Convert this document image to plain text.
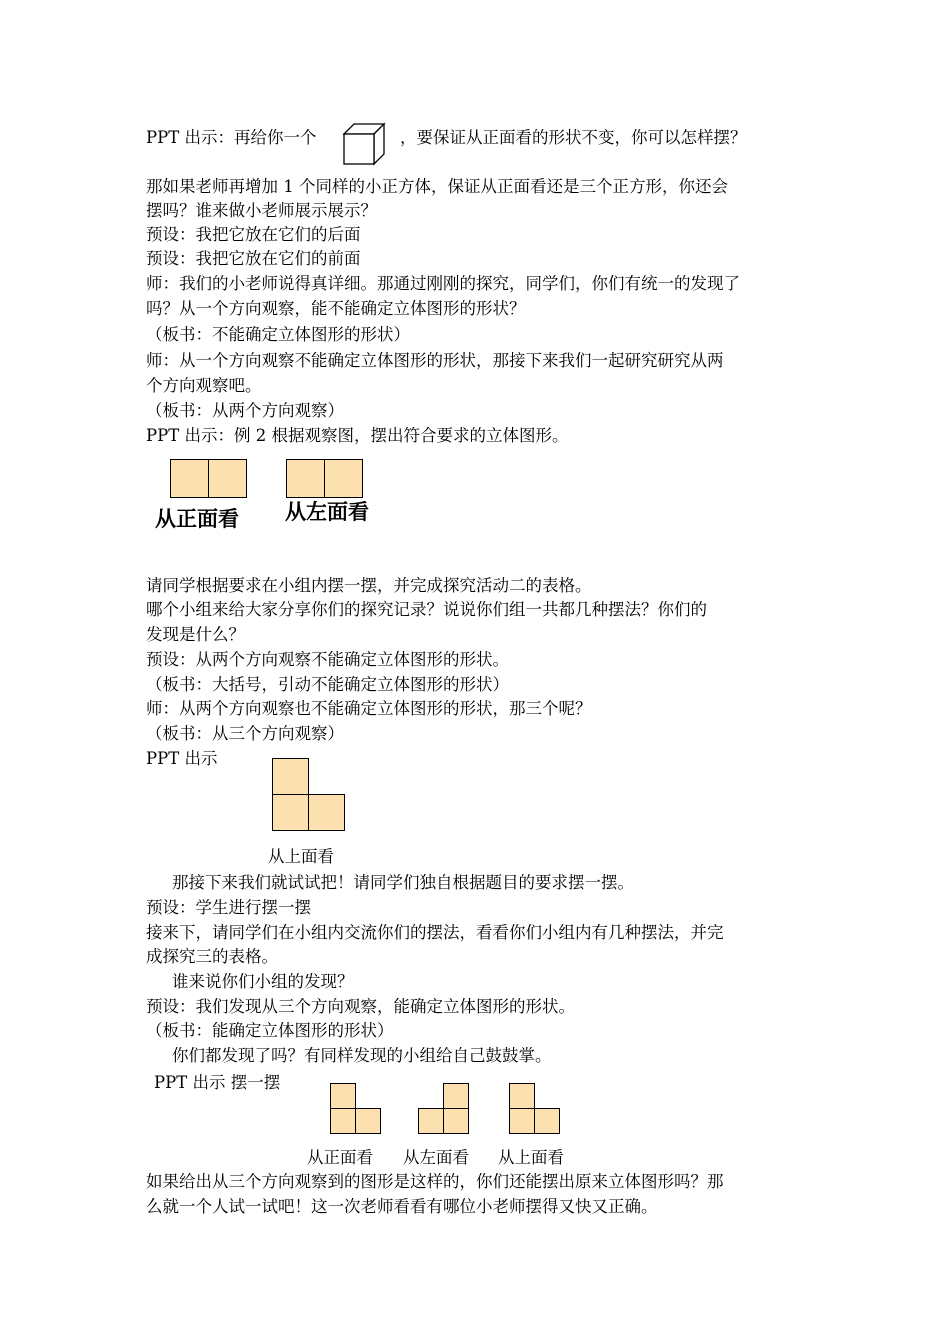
PPT 出示：再给你一个	，要保证从正面看的形状不变，你可以怎样摆？
那如果老师再增加 1 个同样的小正方体，保证从正面看还是三个正方形，你还会
摆吗？谁来做小老师展示展示？
预设：我把它放在它们的后面
预设：我把它放在它们的前面
师：我们的小老师说得真详细。那通过刚刚的探究，同学们，你们有统一的发现了
吗？从一个方向观察，能不能确定立体图形的形状？
（板书：不能确定立体图形的形状）
师：从一个方向观察不能确定立体图形的形状，那接下来我们一起研究研究从两
个方向观察吧。
（板书：从两个方向观察）
PPT 出示：例 2 根据观察图，摆出符合要求的立体图形。
从正面看 从左面看
请同学根据要求在小组内摆一摆，并完成探究活动二的表格。
哪个小组来给大家分享你们的探究记录？说说你们组一共都几种摆法？你们的
发现是什么？
预设：从两个方向观察不能确定立体图形的形状。
（板书：大括号，引动不能确定立体图形的形状）
师：从两个方向观察也不能确定立体图形的形状，那三个呢？
（板书：从三个方向观察）
PPT 出示
从上面看
那接下来我们就试试把！请同学们独自根据题目的要求摆一摆。
预设：学生进行摆一摆
接来下，请同学们在小组内交流你们的摆法，看看你们小组内有几种摆法，并完
成探究三的表格。
谁来说你们小组的发现？
预设：我们发现从三个方向观察，能确定立体图形的形状。
（板书：能确定立体图形的形状）
你们都发现了吗？有同样发现的小组给自己鼓鼓掌。
PPT 出示 摆一摆
从正面看 从左面看 从上面看
如果给出从三个方向观察到的图形是这样的，你们还能摆出原来立体图形吗？那
么就一个人试一试吧！这一次老师看看有哪位小老师摆得又快又正确。
